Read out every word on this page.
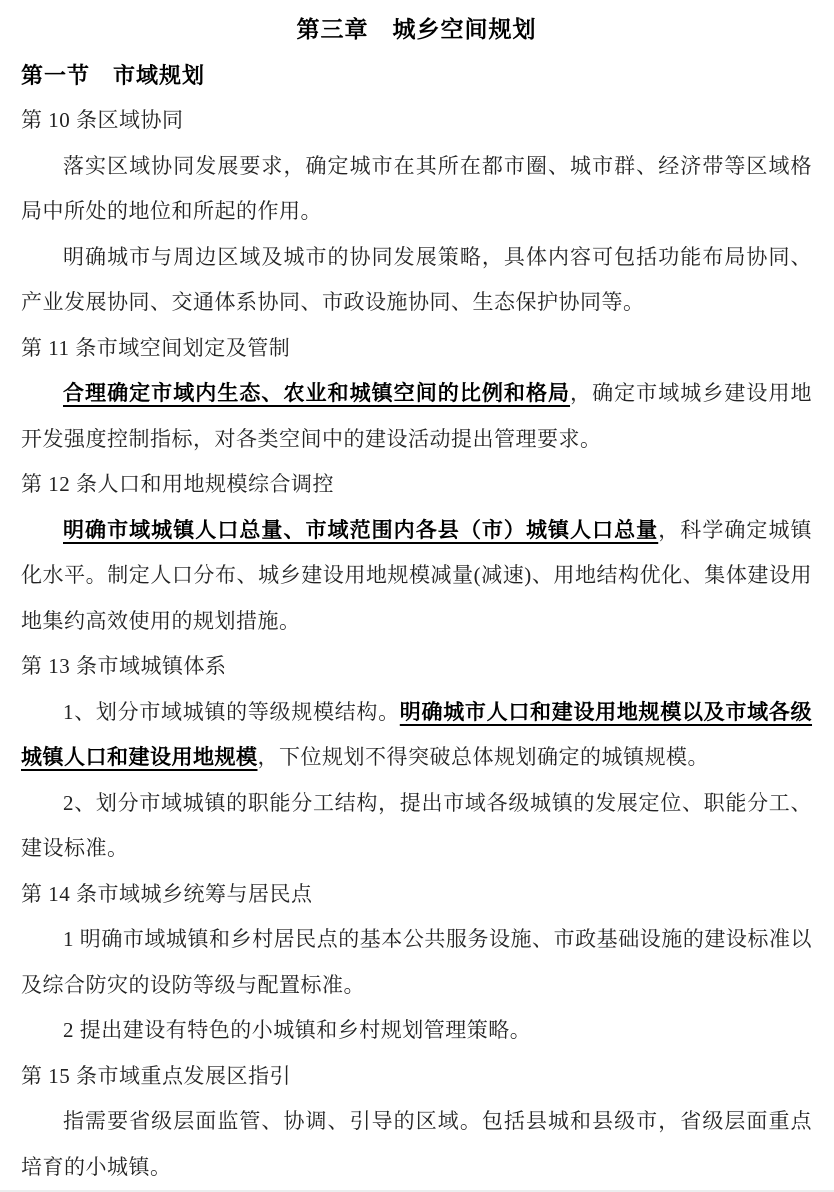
第三章　城乡空间规划

第一节　市域规划

第 10 条区域协同

落实区域协同发展要求，确定城市在其所在都市圈、城市群、经济带等区域格局中所处的地位和所起的作用。

明确城市与周边区域及城市的协同发展策略，具体内容可包括功能布局协同、产业发展协同、交通体系协同、市政设施协同、生态保护协同等。

第 11 条市域空间划定及管制

合理确定市域内生态、农业和城镇空间的比例和格局，确定市域城乡建设用地开发强度控制指标，对各类空间中的建设活动提出管理要求。

第 12 条人口和用地规模综合调控

明确市域城镇人口总量、市域范围内各县（市）城镇人口总量，科学确定城镇化水平。制定人口分布、城乡建设用地规模减量(减速)、用地结构优化、集体建设用地集约高效使用的规划措施。

第 13 条市域城镇体系

1、划分市域城镇的等级规模结构。明确城市人口和建设用地规模以及市域各级城镇人口和建设用地规模，下位规划不得突破总体规划确定的城镇规模。

2、划分市域城镇的职能分工结构，提出市域各级城镇的发展定位、职能分工、建设标准。

第 14 条市域城乡统筹与居民点

1 明确市域城镇和乡村居民点的基本公共服务设施、市政基础设施的建设标准以及综合防灾的设防等级与配置标准。

2 提出建设有特色的小城镇和乡村规划管理策略。

第 15 条市域重点发展区指引

指需要省级层面监管、协调、引导的区域。包括县城和县级市，省级层面重点培育的小城镇。
